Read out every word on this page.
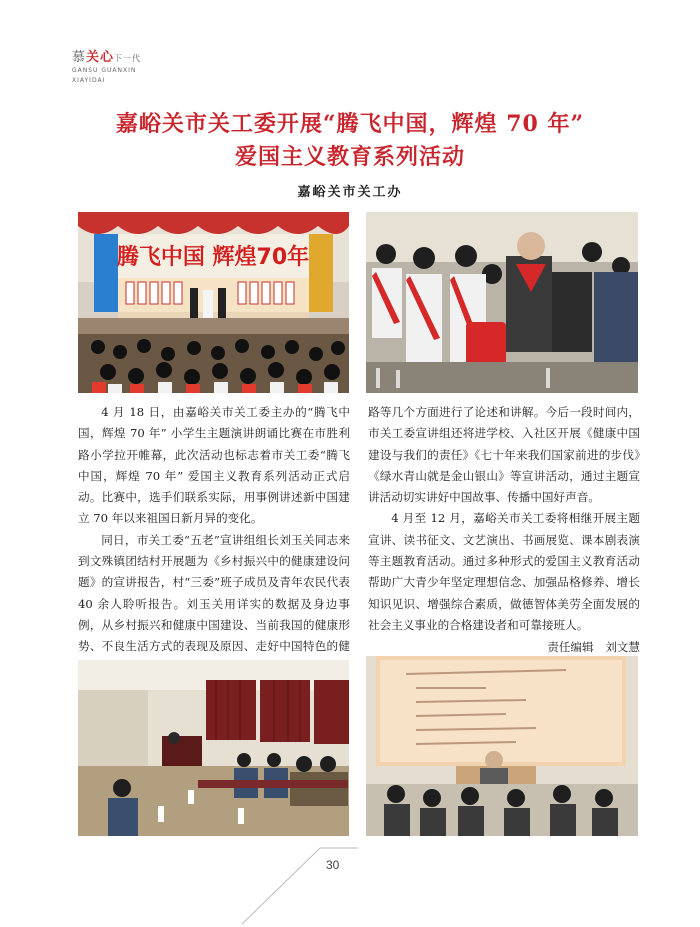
慕关心下一代
GANSU GUANXIN
XIAYIDAI
嘉峪关市关工委开展“腾飞中国，辉煌 70 年”
爱国主义教育系列活动
嘉峪关市关工办
腾飞中国 辉煌70年

4 月 18 日，由嘉峪关市关工委主办的“腾飞中国，辉煌 70 年” 小学生主题演讲朗诵比赛在市胜利路小学拉开帷幕，此次活动也标志着市关工委“腾飞中国，辉煌 70 年” 爱国主义教育系列活动正式启动。比赛中，选手们联系实际，用事例讲述新中国建立 70 年以来祖国日新月异的变化。

同日，市关工委“五老”宣讲组组长刘玉关同志来到文殊镇团结村开展题为《乡村振兴中的健康建设问题》的宣讲报告，村“三委”班子成员及青年农民代表 40 余人聆听报告。刘玉关用详实的数据及身边事例，从乡村振兴和健康中国建设、当前我国的健康形势、不良生活方式的表现及原因、走好中国特色的健

路等几个方面进行了论述和讲解。今后一段时间内，市关工委宣讲组还将进学校、入社区开展《健康中国建设与我们的责任》《七十年来我们国家前进的步伐》《绿水青山就是金山银山》等宣讲活动，通过主题宣讲活动切实讲好中国故事、传播中国好声音。

4 月至 12 月，嘉峪关市关工委将相继开展主题宣讲、读书征文、文艺演出、书画展览、课本剧表演等主题教育活动。通过多种形式的爱国主义教育活动帮助广大青少年坚定理想信念、加强品格修养、增长知识见识、增强综合素质，做德智体美劳全面发展的社会主义事业的合格建设者和可靠接班人。

责任编辑　刘文慧
30
